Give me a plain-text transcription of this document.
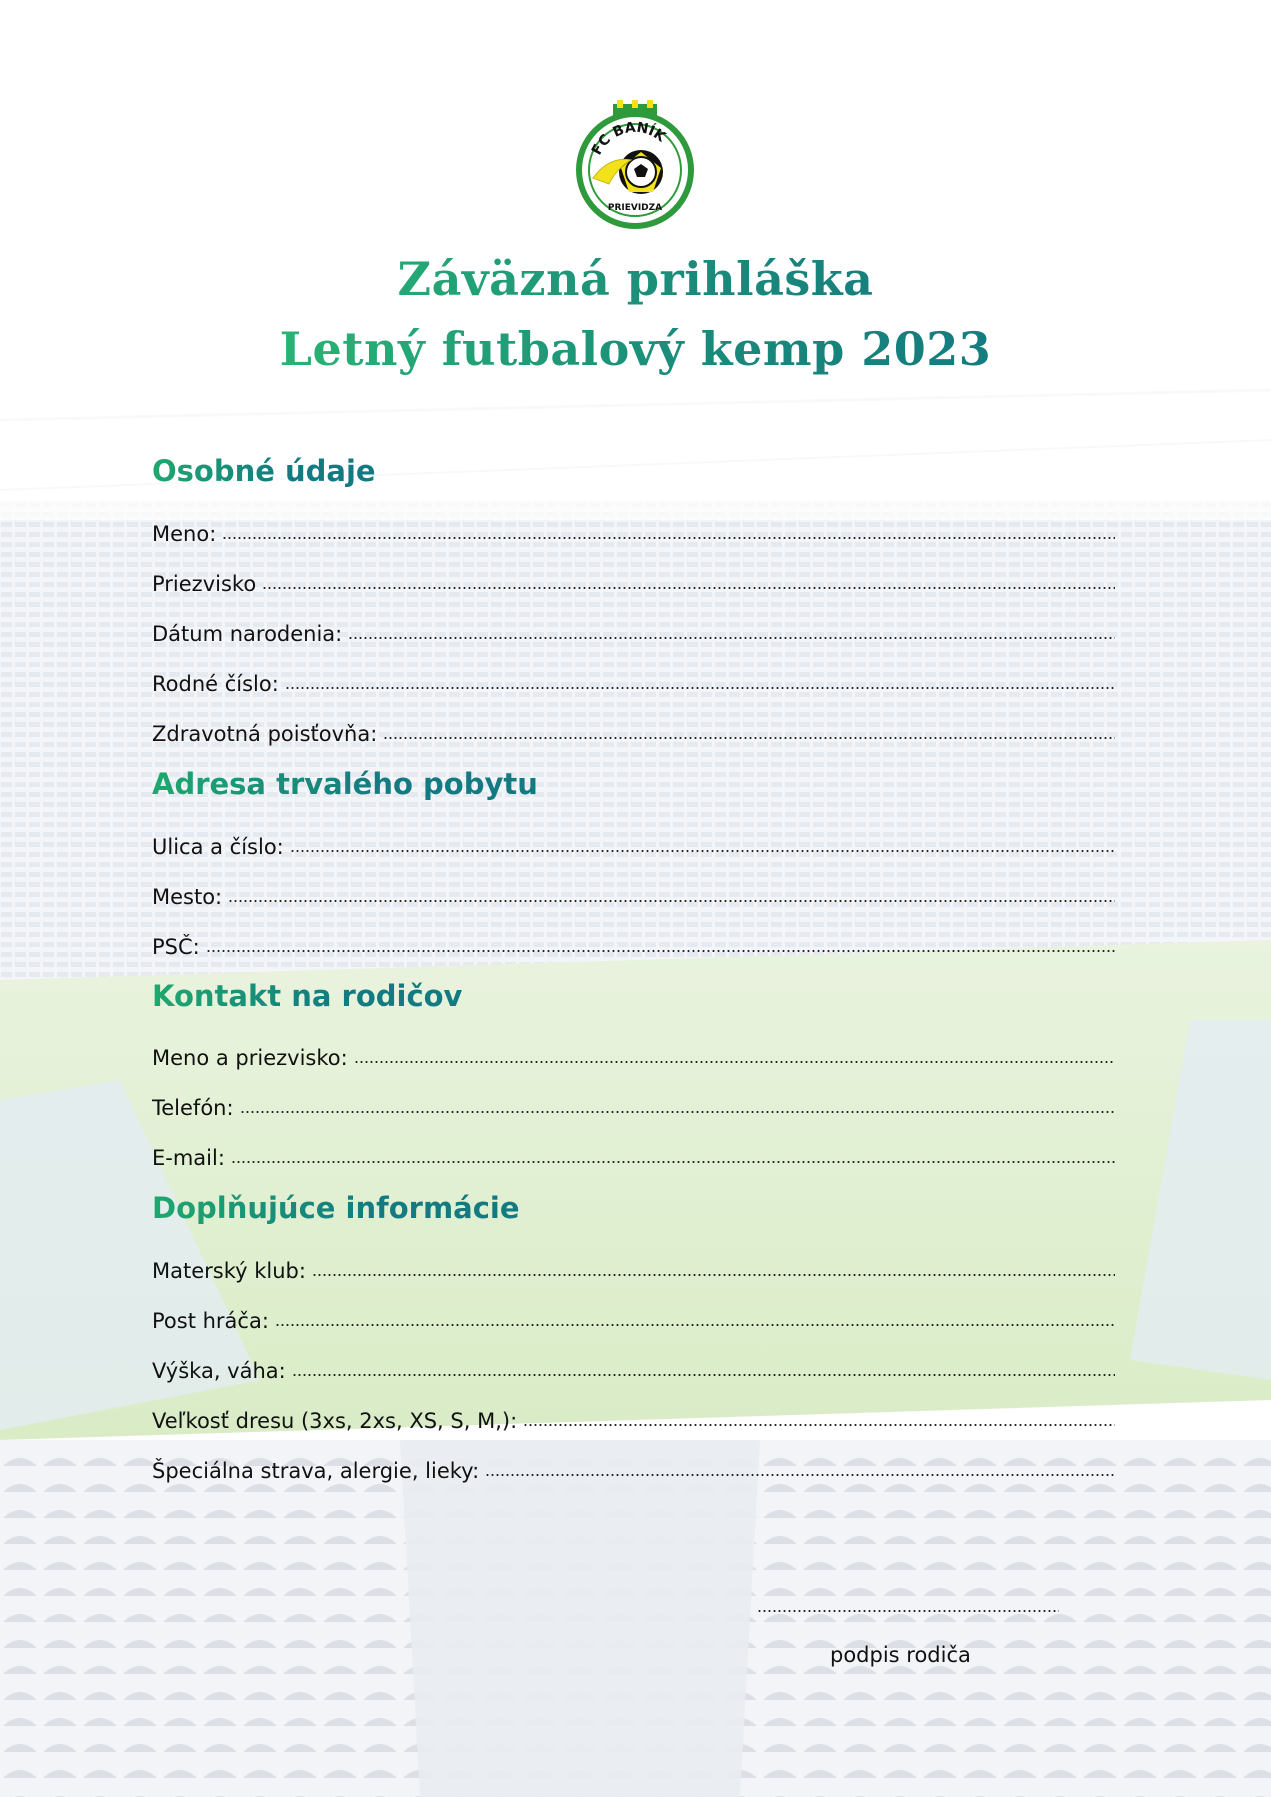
FC BANÍK
PRIEVIDZA
Záväzná prihláška
Letný futbalový kemp 2023
Osobné údaje
Meno:
Priezvisko
Dátum narodenia:
Rodné číslo:
Zdravotná poisťovňa:
Adresa trvalého pobytu
Ulica a číslo:
Mesto:
PSČ:
Kontakt na rodičov
Meno a priezvisko:
Telefón:
E-mail:
Doplňujúce informácie
Materský klub:
Post hráča:
Výška, váha:
Veľkosť dresu (3xs, 2xs, XS, S, M,):
Špeciálna strava, alergie, lieky:
podpis rodiča
